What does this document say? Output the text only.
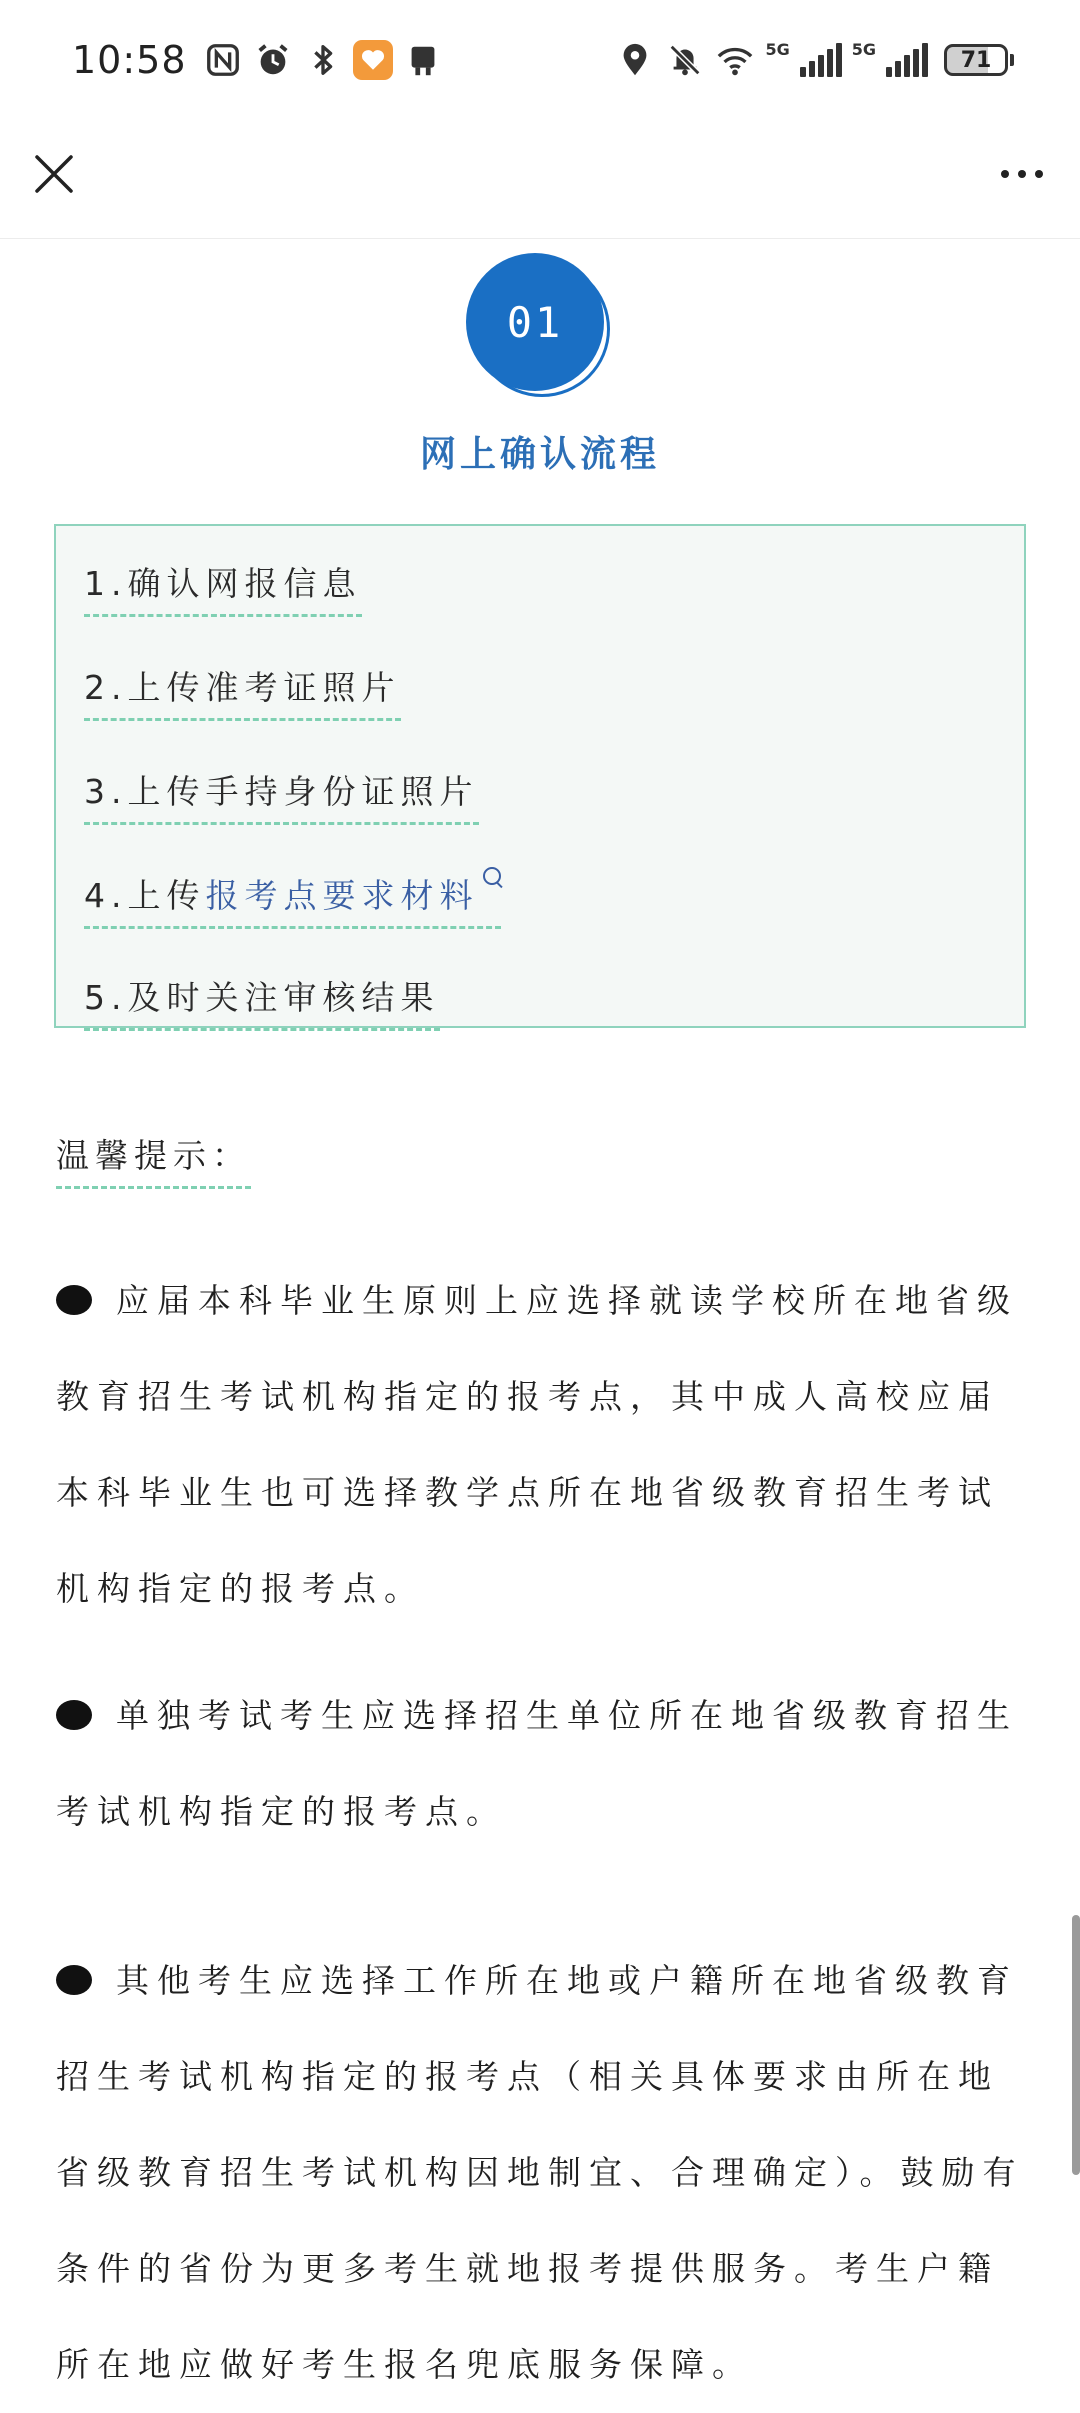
10:58	5G	5G	71
01
网上确认流程
1.确认网报信息
2.上传准考证照片
3.上传手持身份证照片
4.上传报考点要求材料
5.及时关注审核结果
温馨提示：
应届本科毕业生原则上应选择就读学校所在地省级教育招生考试机构指定的报考点，其中成人高校应届本科毕业生也可选择教学点所在地省级教育招生考试机构指定的报考点。
单独考试考生应选择招生单位所在地省级教育招生考试机构指定的报考点。
其他考生应选择工作所在地或户籍所在地省级教育招生考试机构指定的报考点（相关具体要求由所在地省级教育招生考试机构因地制宜、合理确定）。鼓励有条件的省份为更多考生就地报考提供服务。考生户籍所在地应做好考生报名兜底服务保障。
